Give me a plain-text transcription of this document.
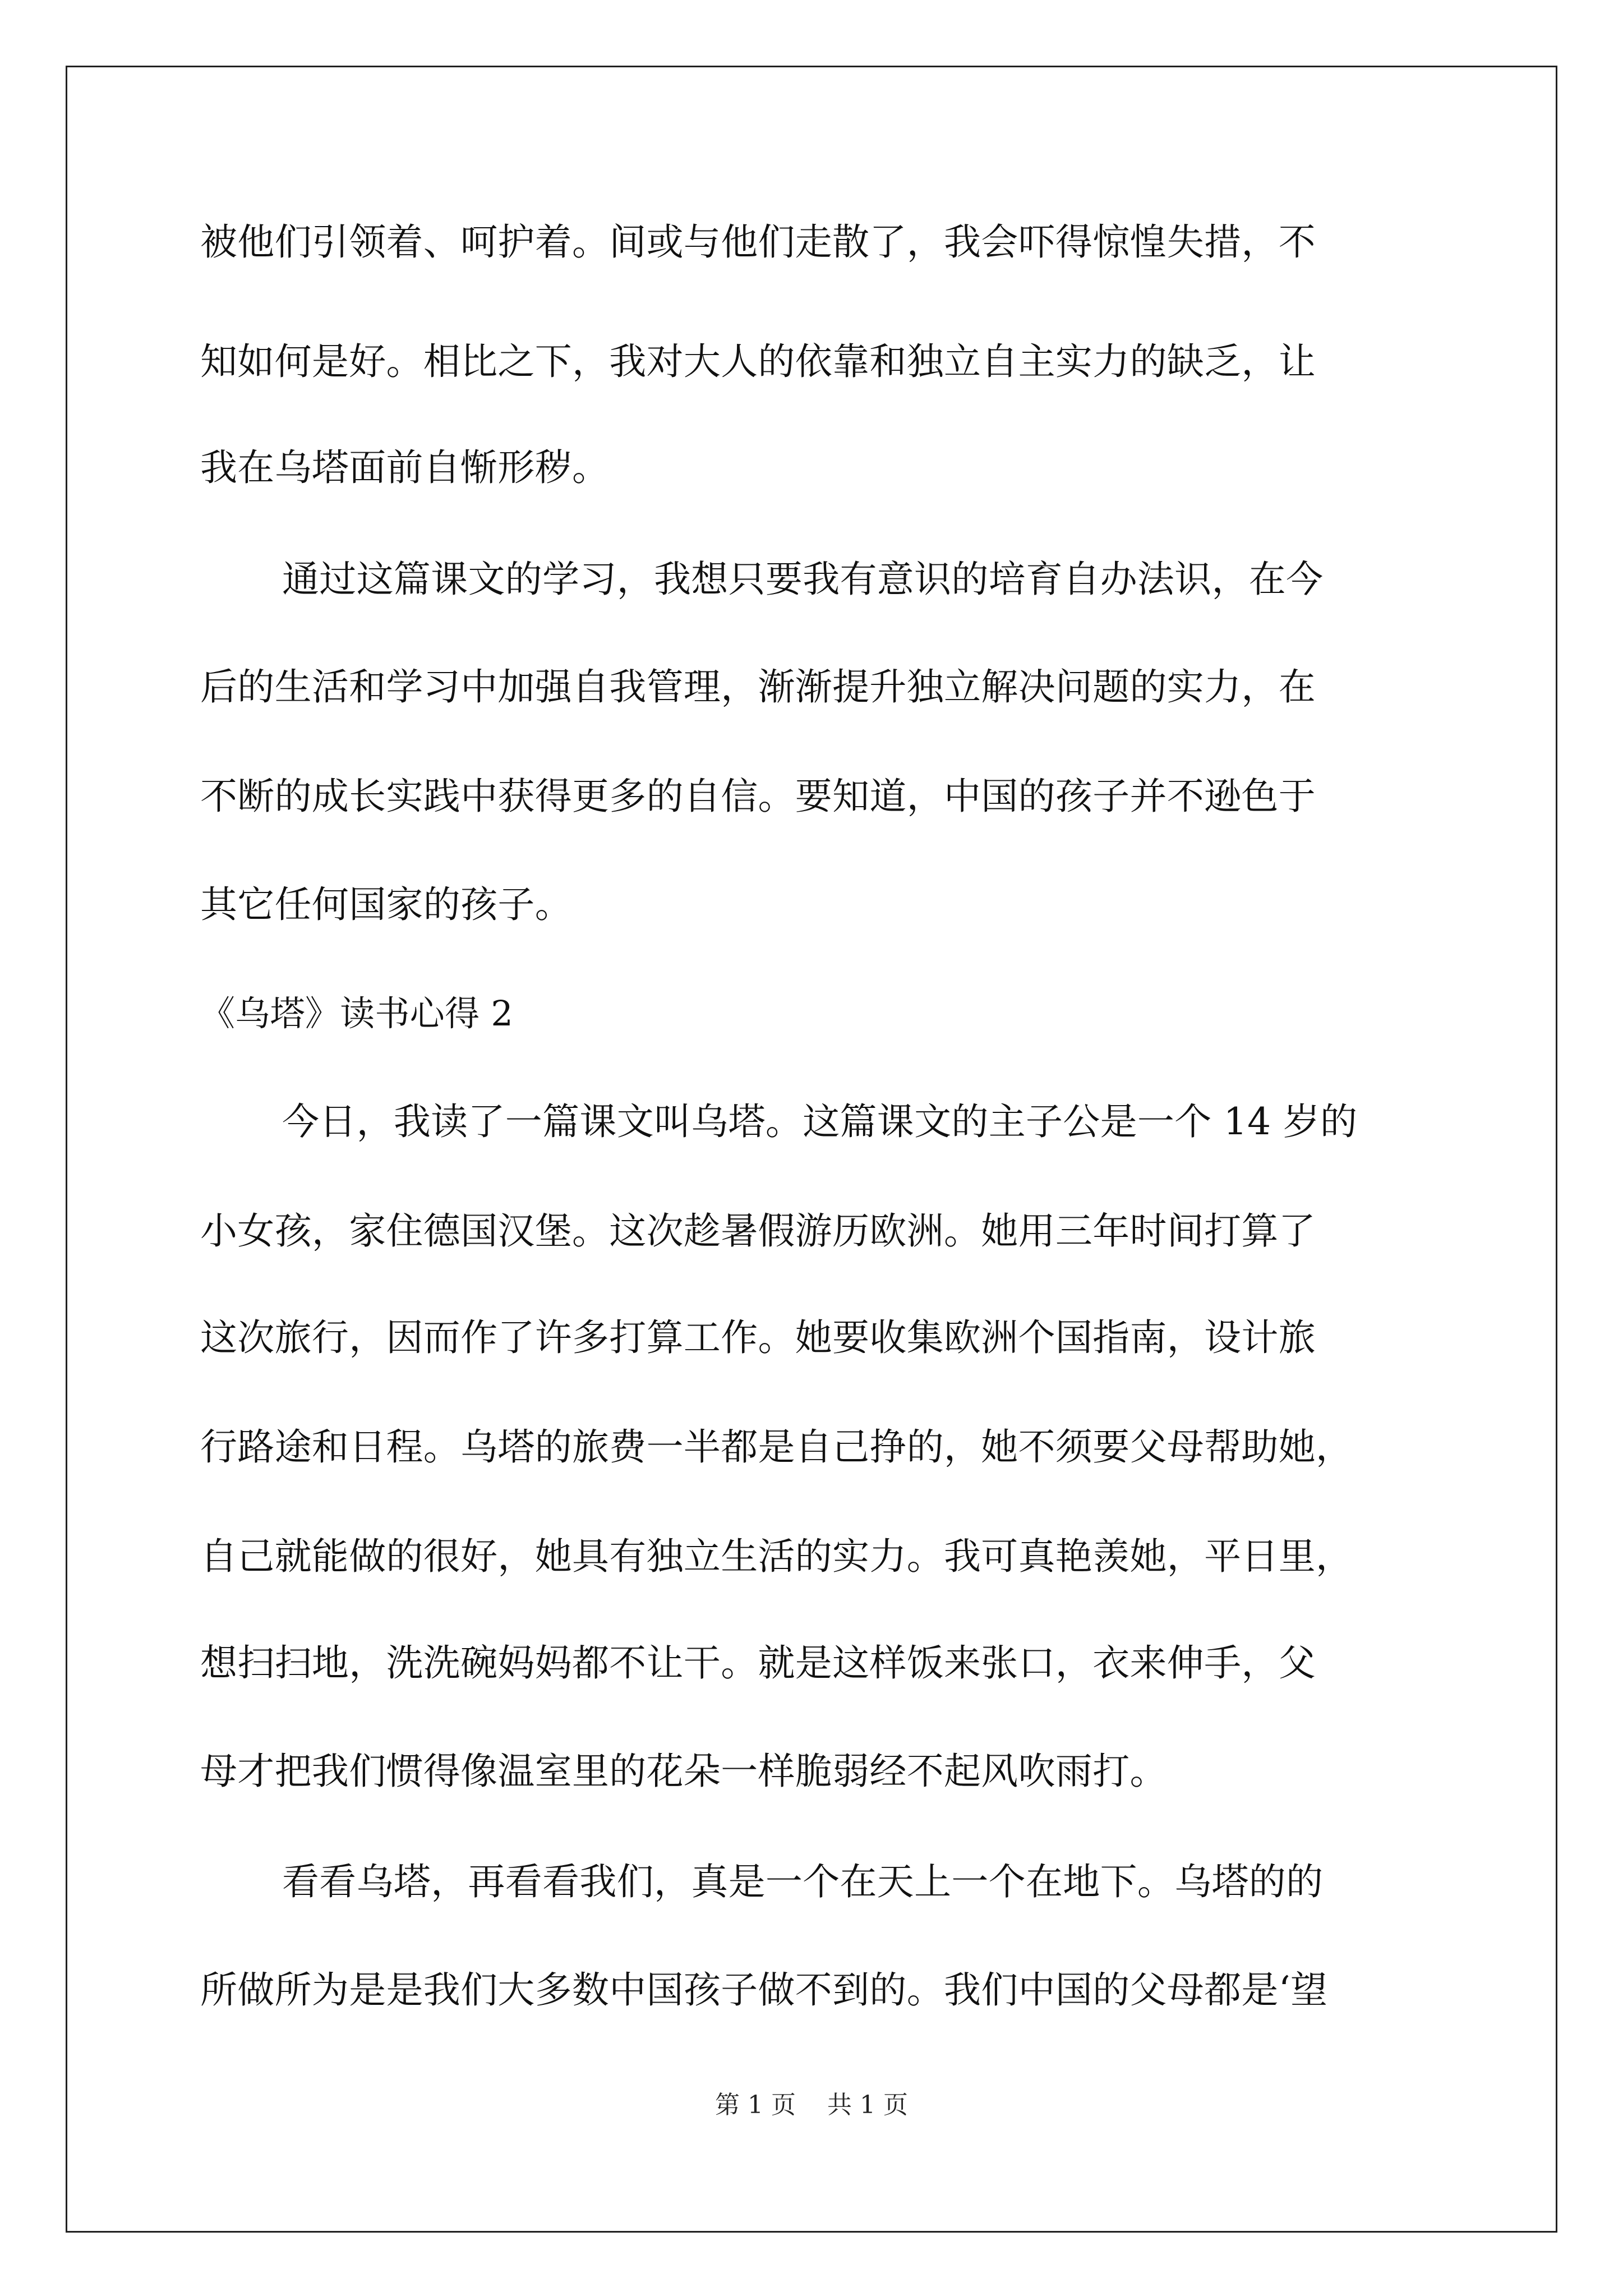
被他们引领着、呵护着。间或与他们走散了，我会吓得惊惶失措，不
知如何是好。相比之下，我对大人的依靠和独立自主实力的缺乏，让
我在乌塔面前自惭形秽。
通过这篇课文的学习，我想只要我有意识的培育自办法识，在今
后的生活和学习中加强自我管理，渐渐提升独立解决问题的实力，在
不断的成长实践中获得更多的自信。要知道，中国的孩子并不逊色于
其它任何国家的孩子。
《乌塔》读书心得 2
今日，我读了一篇课文叫乌塔。这篇课文的主子公是一个 14 岁的
小女孩，家住德国汉堡。这次趁暑假游历欧洲。她用三年时间打算了
这次旅行，因而作了许多打算工作。她要收集欧洲个国指南，设计旅
行路途和日程。乌塔的旅费一半都是自己挣的，她不须要父母帮助她，
自己就能做的很好，她具有独立生活的实力。我可真艳羡她，平日里，
想扫扫地，洗洗碗妈妈都不让干。就是这样饭来张口，衣来伸手，父
母才把我们惯得像温室里的花朵一样脆弱经不起风吹雨打。
看看乌塔，再看看我们，真是一个在天上一个在地下。乌塔的的
所做所为是是我们大多数中国孩子做不到的。我们中国的父母都是‘望
第 1 页 共 1 页
